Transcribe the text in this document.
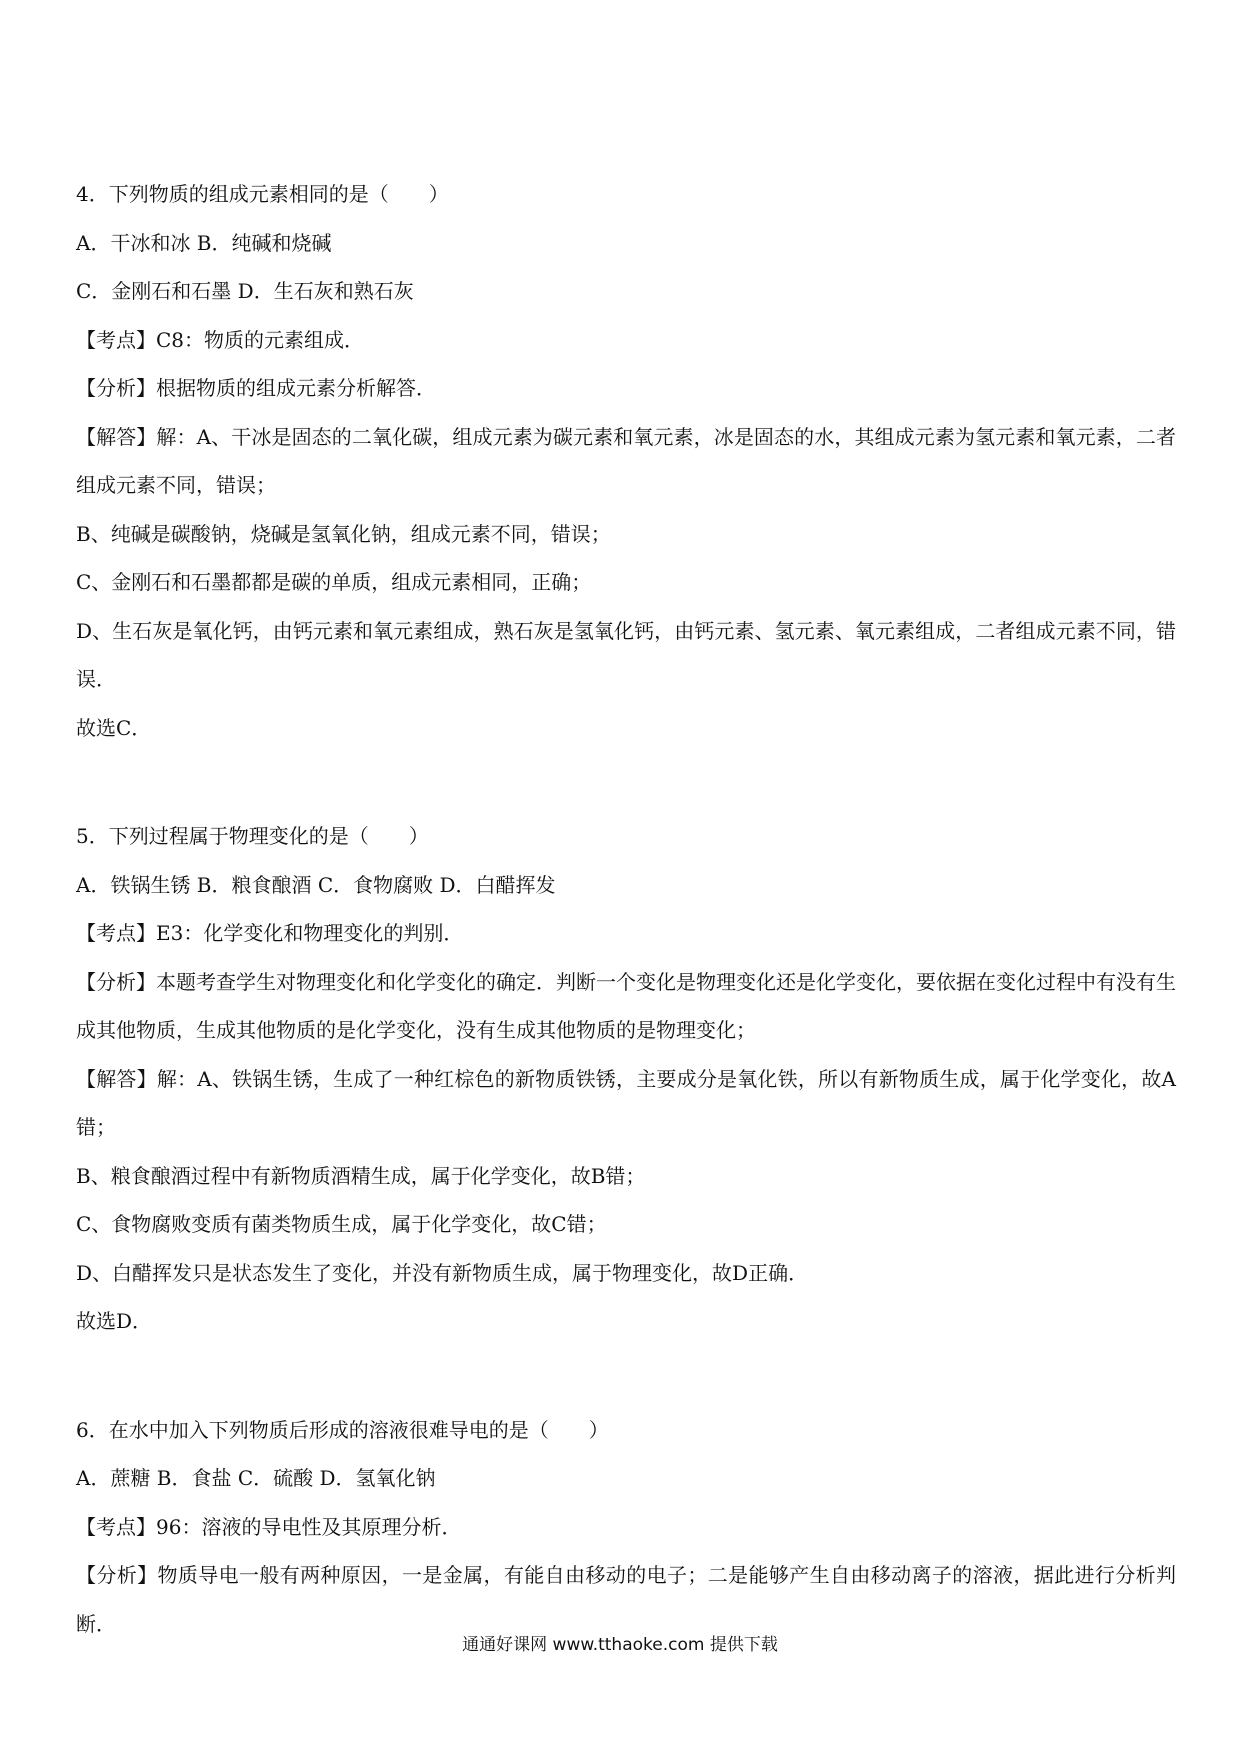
4．下列物质的组成元素相同的是（　　）
A．干冰和冰 B．纯碱和烧碱
C．金刚石和石墨 D．生石灰和熟石灰
【考点】C8：物质的元素组成．
【分析】根据物质的组成元素分析解答．
【解答】解：A、干冰是固态的二氧化碳，组成元素为碳元素和氧元素，冰是固态的水，其组成元素为氢元素和氧元素，二者组成元素不同，错误；
B、纯碱是碳酸钠，烧碱是氢氧化钠，组成元素不同，错误；
C、金刚石和石墨都都是碳的单质，组成元素相同，正确；
D、生石灰是氧化钙，由钙元素和氧元素组成，熟石灰是氢氧化钙，由钙元素、氢元素、氧元素组成，二者组成元素不同，错误．
故选C．
5．下列过程属于物理变化的是（　　）
A．铁锅生锈 B．粮食酿酒 C．食物腐败 D．白醋挥发
【考点】E3：化学变化和物理变化的判别．
【分析】本题考查学生对物理变化和化学变化的确定．判断一个变化是物理变化还是化学变化，要依据在变化过程中有没有生成其他物质，生成其他物质的是化学变化，没有生成其他物质的是物理变化；
【解答】解：A、铁锅生锈，生成了一种红棕色的新物质铁锈，主要成分是氧化铁，所以有新物质生成，属于化学变化，故A错；
B、粮食酿酒过程中有新物质酒精生成，属于化学变化，故B错；
C、食物腐败变质有菌类物质生成，属于化学变化，故C错；
D、白醋挥发只是状态发生了变化，并没有新物质生成，属于物理变化，故D正确．
故选D．
6．在水中加入下列物质后形成的溶液很难导电的是（　　）
A．蔗糖 B．食盐 C．硫酸 D．氢氧化钠
【考点】96：溶液的导电性及其原理分析．
【分析】物质导电一般有两种原因，一是金属，有能自由移动的电子；二是能够产生自由移动离子的溶液，据此进行分析判断．
通通好课网 www.tthaoke.com 提供下载
